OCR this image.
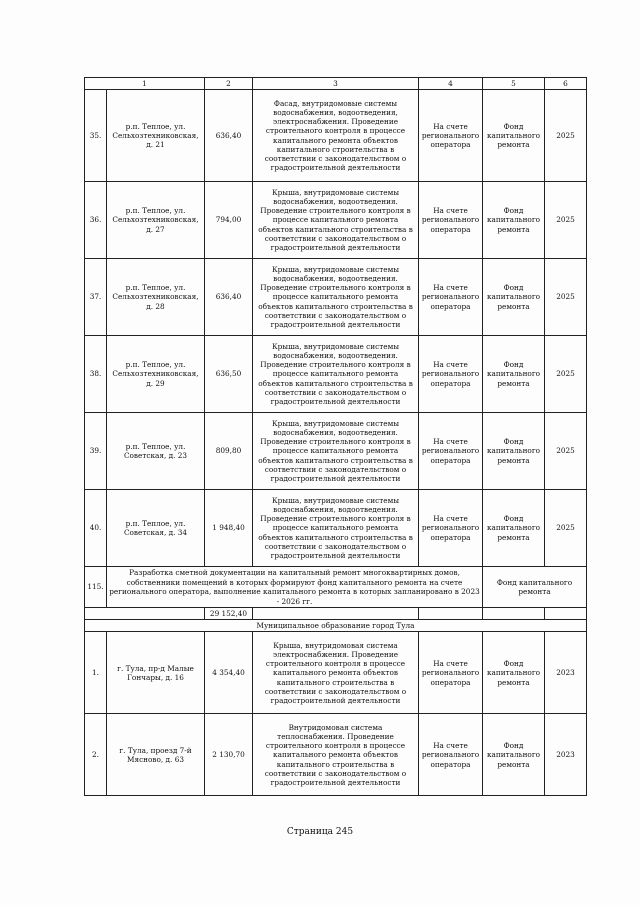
1		2	3	4	5	6
35.	р.п. Теплое, ул. Сельхозтехниковская, д. 21	636,40	Фасад, внутридомовые системы водоснабжения, водоотведения, электроснабжения. Проведение строительного контроля в процессе капитального ремонта объектов капитального строительства в соответствии с законодательством о градостроительной деятельности	На счете регионального оператора	Фонд капитального ремонта	2025
36.	р.п. Теплое, ул. Сельхозтехниковская, д. 27	794,00	Крыша, внутридомовые системы водоснабжения, водоотведения. Проведение строительного контроля в процессе капитального ремонта объектов капитального строительства в соответствии с законодательством о градостроительной деятельности	На счете регионального оператора	Фонд капитального ремонта	2025
37.	р.п. Теплое, ул. Сельхозтехниковская, д. 28	636,40	Крыша, внутридомовые системы водоснабжения, водоотведения. Проведение строительного контроля в процессе капитального ремонта объектов капитального строительства в соответствии с законодательством о градостроительной деятельности	На счете регионального оператора	Фонд капитального ремонта	2025
38.	р.п. Теплое, ул. Сельхозтехниковская, д. 29	636,50	Крыша, внутридомовые системы водоснабжения, водоотведения. Проведение строительного контроля в процессе капитального ремонта объектов капитального строительства в соответствии с законодательством о градостроительной деятельности	На счете регионального оператора	Фонд капитального ремонта	2025
39.	р.п. Теплое, ул. Советская, д. 23	809,80	Крыша, внутридомовые системы водоснабжения, водоотведения. Проведение строительного контроля в процессе капитального ремонта объектов капитального строительства в соответствии с законодательством о градостроительной деятельности	На счете регионального оператора	Фонд капитального ремонта	2025
40.	р.п. Теплое, ул. Советская, д. 34	1 948,40	Крыша, внутридомовые системы водоснабжения, водоотведения. Проведение строительного контроля в процессе капитального ремонта объектов капитального строительства в соответствии с законодательством о градостроительной деятельности	На счете регионального оператора	Фонд капитального ремонта	2025
115.	Разработка сметной документации на капитальный ремонт многоквартирных домов, собственники помещений в которых формируют фонд капитального ремонта на счете регионального оператора, выполнение капитального ремонта в которых запланировано в 2023 - 2026 гг.				Фонд капитального ремонта	
		29 152,40				
Муниципальное образование город Тула						
1.	г. Тула, пр-д Малые Гончары, д. 16	4 354,40	Крыша, внутридомовая система электроснабжения. Проведение строительного контроля в процессе капитального ремонта объектов капитального строительства в соответствии с законодательством о градостроительной деятельности	На счете регионального оператора	Фонд капитального ремонта	2023
2.	г. Тула, проезд 7-й Мясново, д. 63	2 130,70	Внутридомовая система теплоснабжения. Проведение строительного контроля в процессе капитального ремонта объектов капитального строительства в соответствии с законодательством о градостроительной деятельности	На счете регионального оператора	Фонд капитального ремонта	2023
Страница 245
